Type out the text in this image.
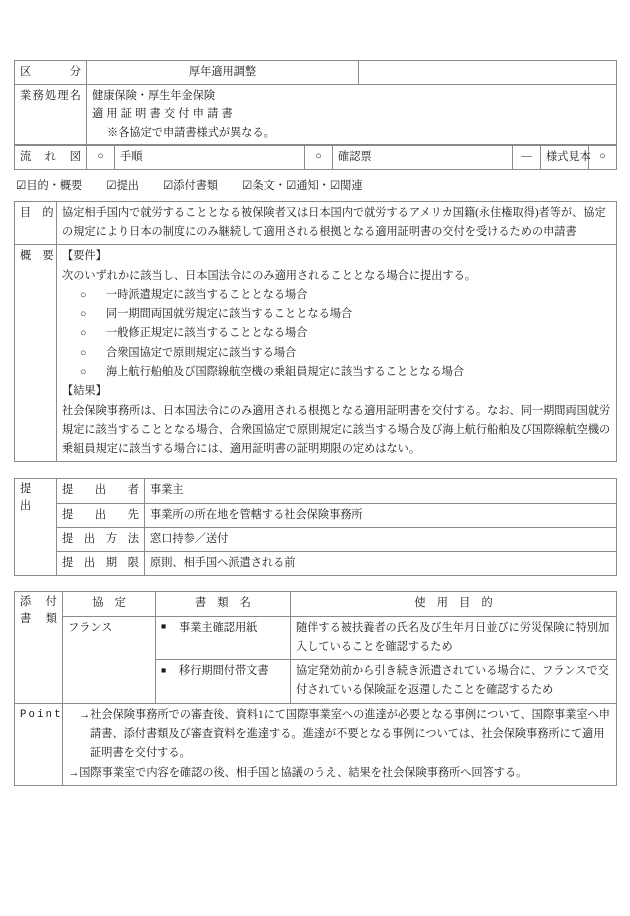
区　分	厚年適用調整	
業務処理名	健康保険・厚生年金保険
適用証明書交付申請書
※各協定で申請書様式が異なる。	
流　れ　図	○	手順	○	確認票	—	様式見本	○
☑目的・概要 ☑提出 ☑添付書類 ☑条文・☑通知・☑関連
目　的	協定相手国内で就労することとなる被保険者又は日本国内で就労するアメリカ国籍(永住権取得)者等が、協定の規定により日本の制度にのみ継続して適用される根拠となる適用証明書の交付を受けるための申請書
概　要	【要件】
次のいずれかに該当し、日本国法令にのみ適用されることとなる場合に提出する。
○ 一時派遣規定に該当することとなる場合
○ 同一期間両国就労規定に該当することとなる場合
○ 一般修正規定に該当することとなる場合
○ 合衆国協定で原則規定に該当する場合
○ 海上航行船舶及び国際線航空機の乗組員規定に該当することとなる場合
【結果】
社会保険事務所は、日本国法令にのみ適用される根拠となる適用証明書を交付する。なお、同一期間両国就労規定に該当することとなる場合、合衆国協定で原則規定に該当する場合及び海上航行船舶及び国際線航空機の乗組員規定に該当する場合には、適用証明書の証明期限の定めはない。
提　出	提　出　者	事業主
	提　出　先	事業所の所在地を管轄する社会保険事務所
	提出方法	窓口持参／送付
	提出期限	原則、相手国へ派遣される前
添　付
書　類	協　定	書　類　名	使　用　目　的
	フランス	■ 事業主確認用紙	随伴する被扶養者の氏名及び生年月日並びに労災保険に特別加入していることを確認するため
		■ 移行期間付帯文書	協定発効前から引き続き派遣されている場合に、フランスで交付されている保険証を返還したことを確認するため
Point	→社会保険事務所での審査後、資料1にて国際事業室への進達が必要となる事例について、国際事業室へ申請書、添付書類及び審査資料を進達する。進達が不要となる事例については、社会保険事務所にて適用証明書を交付する。
→国際事業室で内容を確認の後、相手国と協議のうえ、結果を社会保険事務所へ回答する。		
